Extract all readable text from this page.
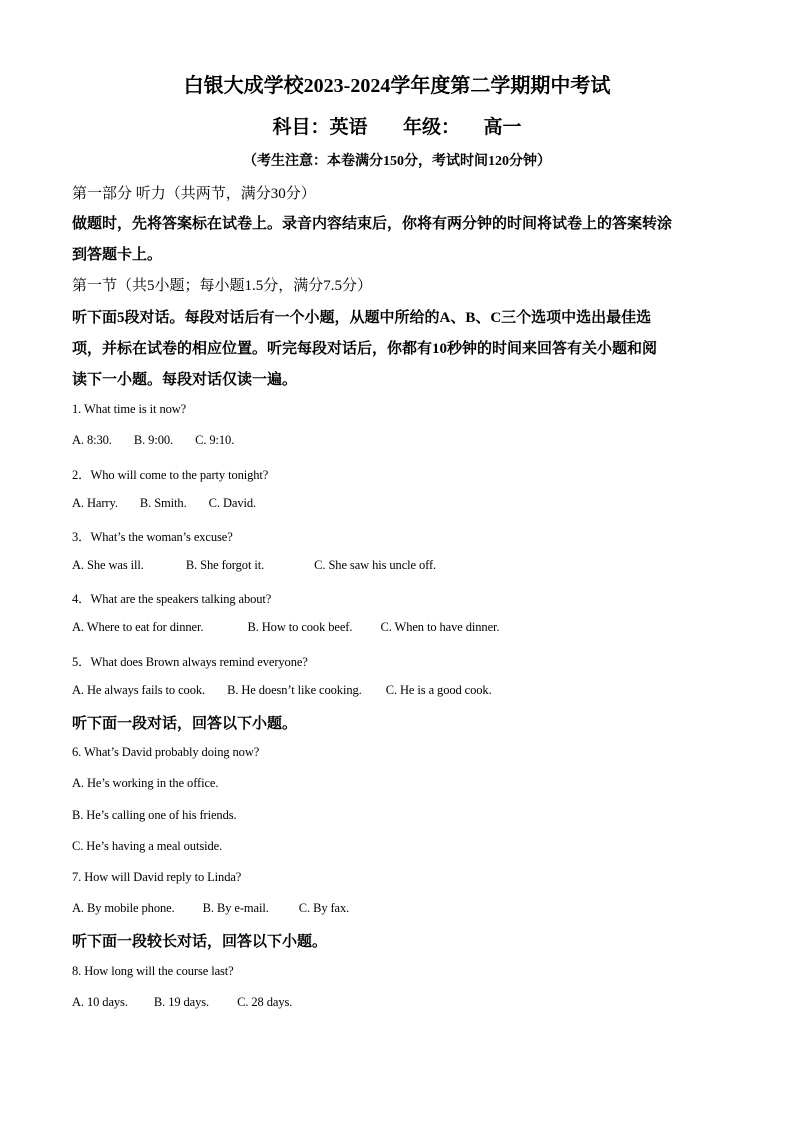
白银大成学校2023-2024学年度第二学期期中考试
科目：英语 年级： 高一
（考生注意：本卷满分150分，考试时间120分钟）
第一部分 听力（共两节，满分30分）
做题时，先将答案标在试卷上。录音内容结束后，你将有两分钟的时间将试卷上的答案转涂
到答题卡上。
第一节（共5小题；每小题1.5分，满分7.5分）
听下面5段对话。每段对话后有一个小题，从题中所给的A、B、C三个选项中选出最佳选
项，并标在试卷的相应位置。听完每段对话后，你都有10秒钟的时间来回答有关小题和阅
读下一小题。每段对话仅读一遍。
1. What time is it now?
A. 8:30. B. 9:00. C. 9:10.
2．Who will come to the party tonight?
A. Harry. B. Smith. C. David.
3．What’s the woman’s excuse?
A. She was ill.	B. She forgot it.	C. She saw his uncle off.
4．What are the speakers talking about?
A. Where to eat for dinner.	B. How to cook beef. C. When to have dinner.
5．What does Brown always remind everyone?
A. He always fails to cook. B. He doesn’t like cooking. C. He is a good cook.
听下面一段对话，回答以下小题。
6. What’s David probably doing now?
A. He’s working in the office.
B. He’s calling one of his friends.
C. He’s having a meal outside.
7. How will David reply to Linda?
A. By mobile phone. B. By e-mail. C. By fax.
听下面一段较长对话，回答以下小题。
8. How long will the course last?
A. 10 days. B. 19 days. C. 28 days.
